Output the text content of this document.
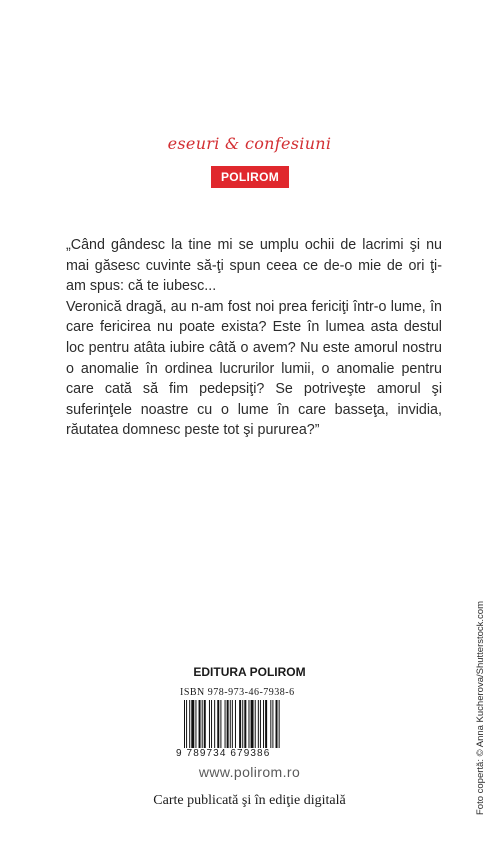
eseuri & confesiuni
POLIROM

„Când gândesc la tine mi se umplu ochii de lacrimi şi nu mai găsesc cuvinte să-ţi spun ceea ce de-o mie de ori ţi-am spus: că te iubesc...

Veronică dragă, au n-am fost noi prea fericiţi într-o lume, în care fericirea nu poate exista? Este în lumea asta destul loc pentru atâta iubire câtă o avem? Nu este amorul nostru o anomalie în ordinea lucrurilor lumii, o anomalie pentru care cată să fim pedepsiţi? Se potriveşte amorul şi suferinţele noastre cu o lume în care basseţa, invidia, răutatea domnesc peste tot şi pururea?”

EDITURA POLIROM
ISBN 978-973-46-7938-6
9 789734 679386
www.polirom.ro
Carte publicată şi în ediţie digitală	Foto copertă: © Anna Kucherova/Shutterstock.com
